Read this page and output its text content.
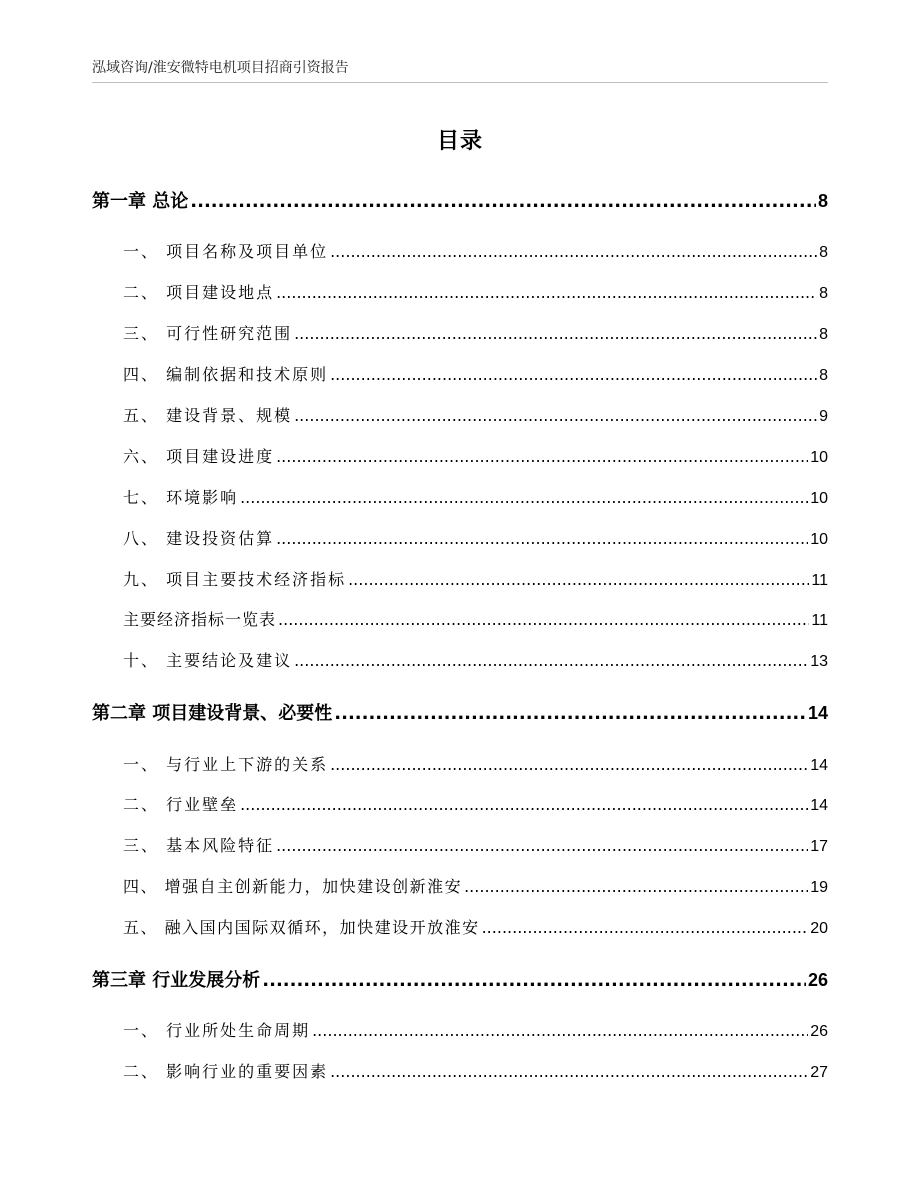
泓域咨询/淮安微特电机项目招商引资报告
目录
第一章 总论 .....	8
一、 项目名称及项目单位 .....	8
二、 项目建设地点 .....	8
三、 可行性研究范围 .....	8
四、 编制依据和技术原则 .....	8
五、 建设背景、规模 .....	9
六、 项目建设进度 .....	10
七、 环境影响 .....	10
八、 建设投资估算 .....	10
九、 项目主要技术经济指标 .....	11
主要经济指标一览表 .....	11
十、 主要结论及建议 .....	13
第二章 项目建设背景、必要性 .....	14
一、 与行业上下游的关系 .....	14
二、 行业壁垒 .....	14
三、 基本风险特征 .....	17
四、 增强自主创新能力，加快建设创新淮安 .....	19
五、 融入国内国际双循环，加快建设开放淮安 .....	20
第三章 行业发展分析 .....	26
一、 行业所处生命周期 .....	26
二、 影响行业的重要因素 .....	27
